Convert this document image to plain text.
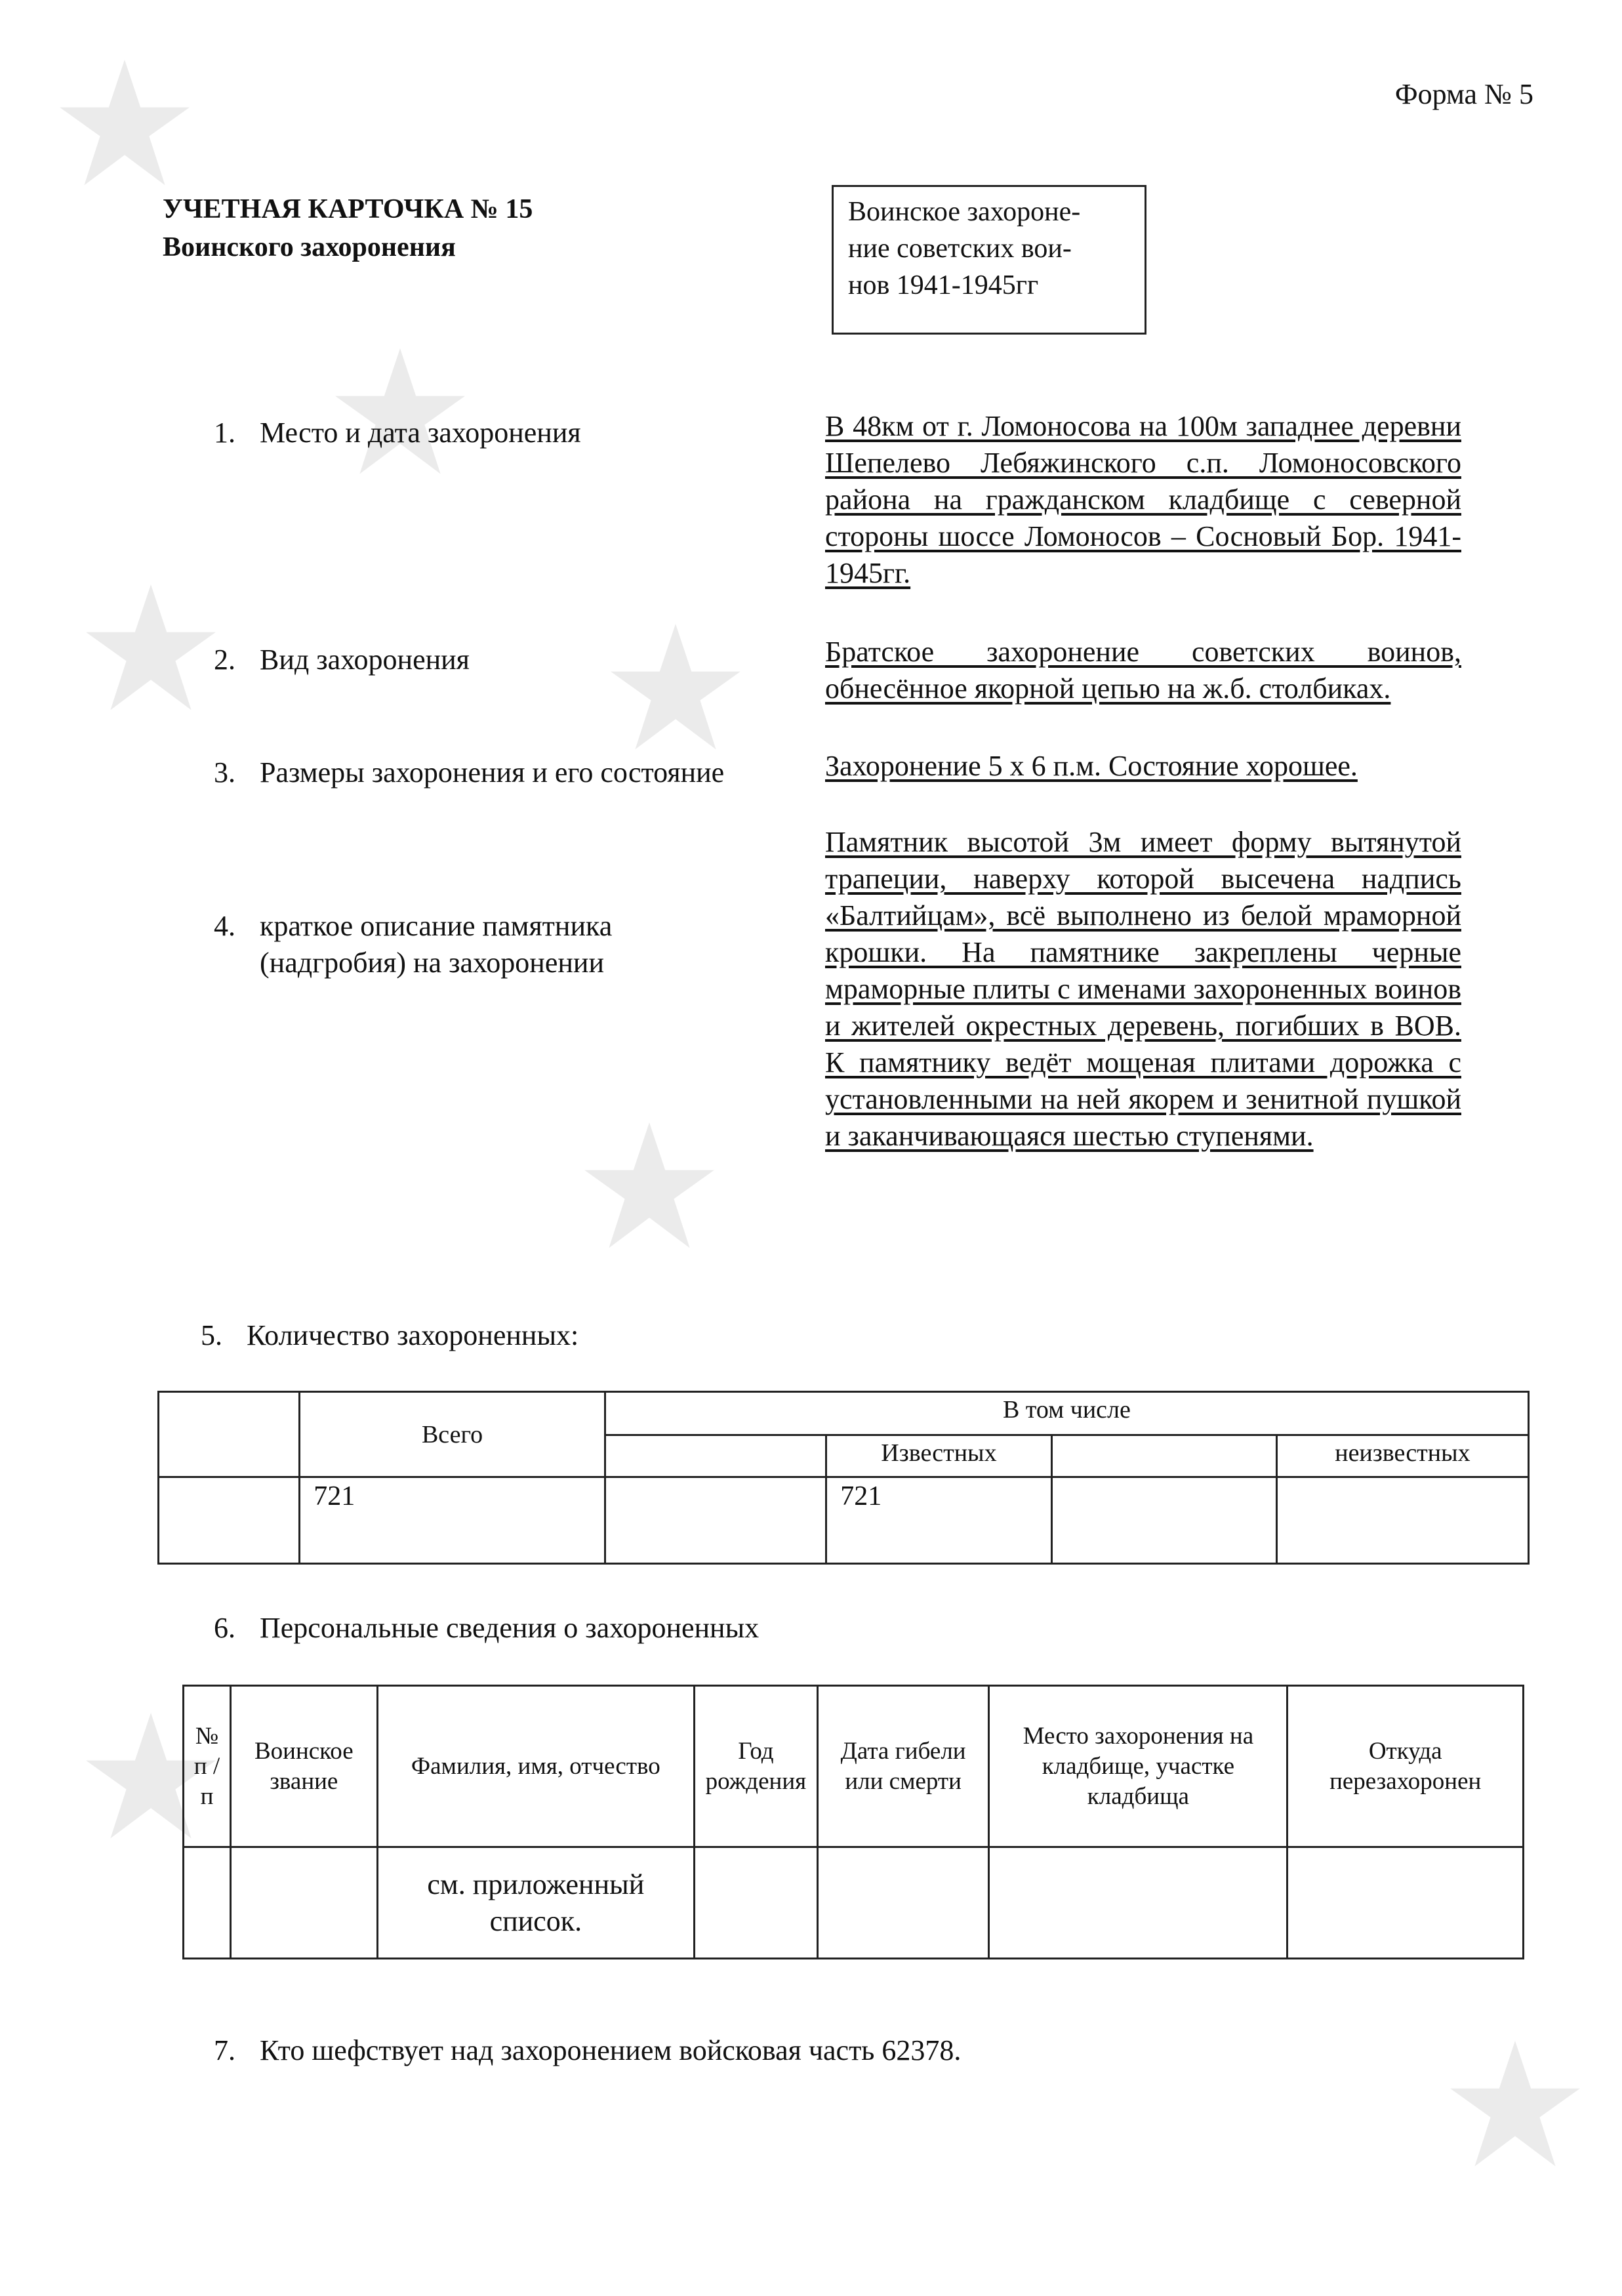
Форма № 5
УЧЕТНАЯ КАРТОЧКА № 15
Воинского захоронения
Воинское захороне-
ние советских вои-
нов 1941-1945гг
1. Место и дата захоронения	В 48км от г. Ломоносова на 100м западнее деревни Шепелево Лебяжинского с.п. Ломоносовского района на гражданском кладбище с северной стороны шоссе Ломоносов – Сосновый Бор. 1941-1945гг.
2. Вид захоронения	Братское захоронение советских воинов, обнесённое якорной цепью на ж.б. столбиках.
3. Размеры захоронения и его состояние	Захоронение 5 х 6 п.м. Состояние хорошее.
4. краткое описание памятника
(надгробия) на захоронении
Памятник высотой 3м имеет форму вытянутой трапеции, наверху которой высечена надпись «Балтийцам», всё выполнено из белой мраморной крошки. На памятнике закреплены черные мраморные плиты с именами захороненных воинов и жителей окрестных деревень, погибших в ВОВ. К памятнику ведёт мощеная плитами дорожка с установленными на ней якорем и зенитной пушкой и заканчивающаяся шестью ступенями.
5. Количество захороненных:
	Всего	В том числе			
			Известных		неизвестных
	721		721		
6. Персональные сведения о захороненных
№ п / п	Воинское звание	Фамилия, имя, отчество	Год рождения	Дата гибели или смерти	Место захоронения на кладбище, участке кладбища	Откуда перезахоронен
		см. приложенный список.				
7. Кто шефствует над захоронением войсковая часть 62378.
